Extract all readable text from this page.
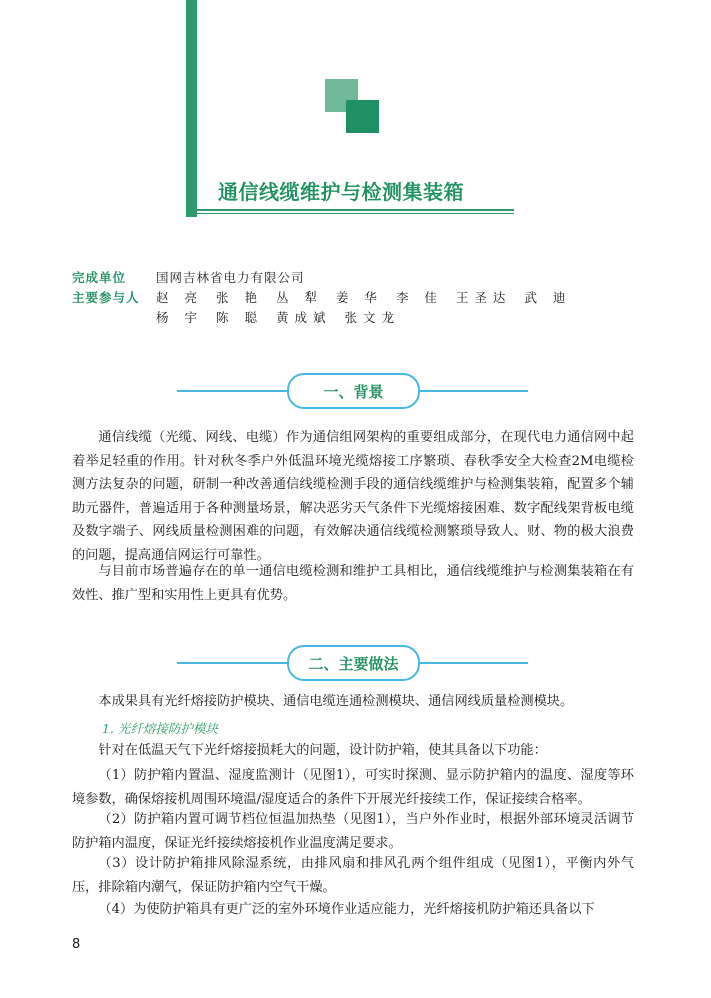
通信线缆维护与检测集装箱
完成单位	国网吉林省电力有限公司
主要参与人	赵 亮 张 艳 丛 犁 姜 华 李 佳 王圣达 武 迪
杨 宇 陈 聪 黄成斌 张文龙
一、背景

通信线缆（光缆、网线、电缆）作为通信组网架构的重要组成部分，在现代电力通信网中起着举足轻重的作用。针对秋冬季户外低温环境光缆熔接工序繁琐、春秋季安全大检查2M电缆检测方法复杂的问题，研制一种改善通信线缆检测手段的通信线缆维护与检测集装箱，配置多个辅助元器件，普遍适用于各种测量场景，解决恶劣天气条件下光缆熔接困难、数字配线架背板电缆及数字端子、网线质量检测困难的问题，有效解决通信线缆检测繁琐导致人、财、物的极大浪费的问题，提高通信网运行可靠性。

与目前市场普遍存在的单一通信电缆检测和维护工具相比，通信线缆维护与检测集装箱在有效性、推广型和实用性上更具有优势。

二、主要做法

本成果具有光纤熔接防护模块、通信电缆连通检测模块、通信网线质量检测模块。

1. 光纤熔接防护模块

针对在低温天气下光纤熔接损耗大的问题，设计防护箱，使其具备以下功能：

（1）防护箱内置温、湿度监测计（见图1），可实时探测、显示防护箱内的温度、湿度等环境参数，确保熔接机周围环境温/湿度适合的条件下开展光纤接续工作，保证接续合格率。

（2）防护箱内置可调节档位恒温加热垫（见图1），当户外作业时，根据外部环境灵活调节防护箱内温度，保证光纤接续熔接机作业温度满足要求。

（3）设计防护箱排风除湿系统，由排风扇和排风孔两个组件组成（见图1），平衡内外气压，排除箱内潮气，保证防护箱内空气干燥。

（4）为使防护箱具有更广泛的室外环境作业适应能力，光纤熔接机防护箱还具备以下

8
